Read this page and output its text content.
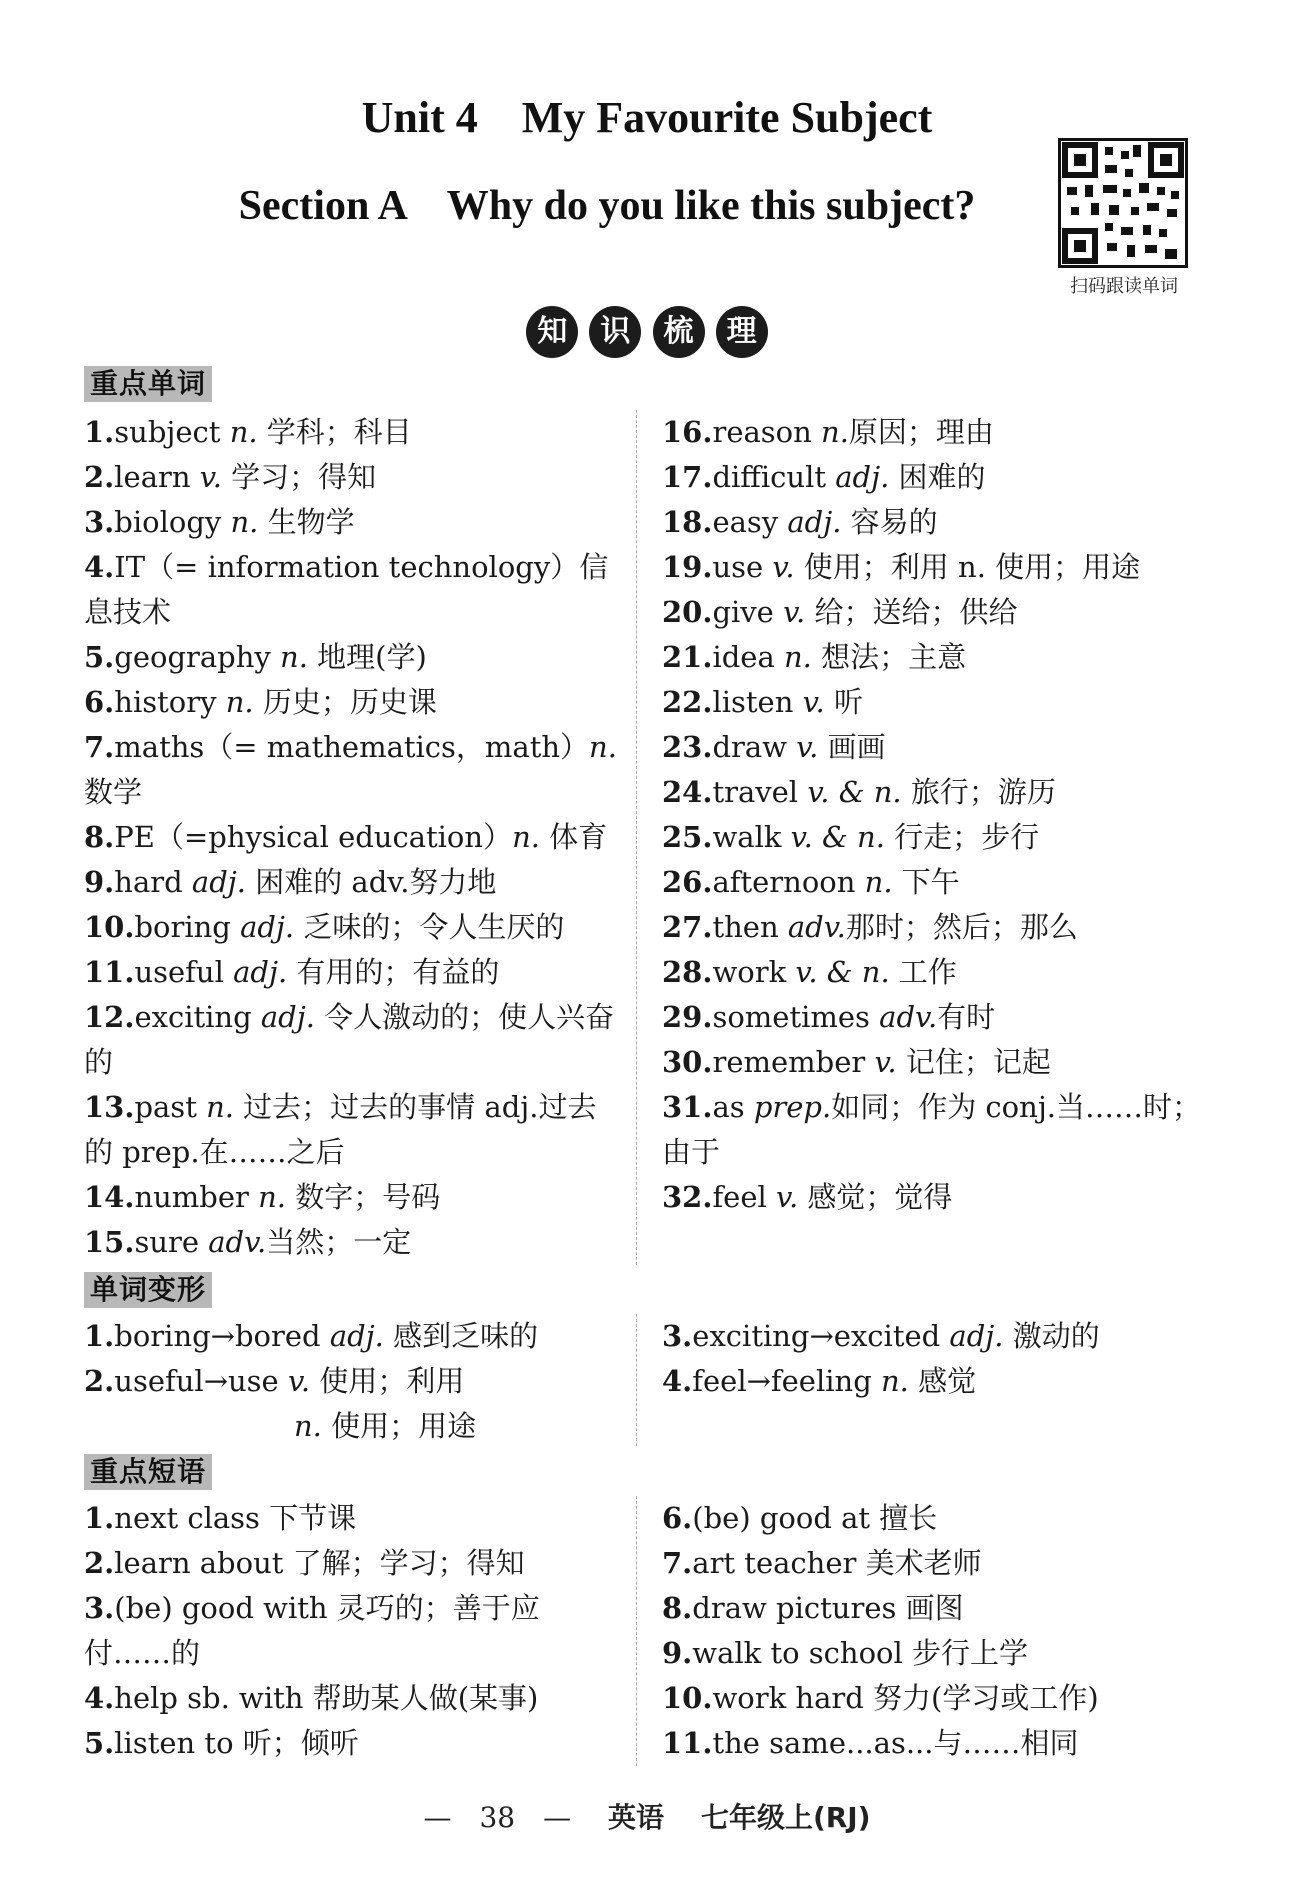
Unit 4    My Favourite Subject
Section A    Why do you like this subject?
扫码跟读单词
知 识 梳 理
重点单词
1.subject n. 学科；科目
2.learn v. 学习；得知
3.biology n. 生物学
4.IT（= information technology）信息技术
5.geography n. 地理(学)
6.history n. 历史；历史课
7.maths（= mathematics，math）n. 数学
8.PE（=physical education）n. 体育
9.hard adj. 困难的 adv.努力地
10.boring adj. 乏味的；令人生厌的
11.useful adj. 有用的；有益的
12.exciting adj. 令人激动的；使人兴奋的
13.past n. 过去；过去的事情 adj.过去的 prep.在……之后
14.number n. 数字；号码
15.sure adv.当然；一定
16.reason n.原因；理由
17.difficult adj. 困难的
18.easy adj. 容易的
19.use v. 使用；利用 n. 使用；用途
20.give v. 给；送给；供给
21.idea n. 想法；主意
22.listen v. 听
23.draw v. 画画
24.travel v. & n. 旅行；游历
25.walk v. & n. 行走；步行
26.afternoon n. 下午
27.then adv.那时；然后；那么
28.work v. & n. 工作
29.sometimes adv.有时
30.remember v. 记住；记起
31.as prep.如同；作为 conj.当……时；由于
32.feel v. 感觉；觉得
单词变形
1.boring→bored adj. 感到乏味的
2.useful→use v. 使用；利用
n. 使用；用途
3.exciting→excited adj. 激动的
4.feel→feeling n. 感觉
重点短语
1.next class 下节课
2.learn about 了解；学习；得知
3.(be) good with 灵巧的；善于应付……的
4.help sb. with 帮助某人做(某事)
5.listen to 听；倾听
6.(be) good at 擅长
7.art teacher 美术老师
8.draw pictures 画图
9.walk to school 步行上学
10.work hard 努力(学习或工作)
11.the same...as...与……相同
— 38 — 英语 七年级上(RJ)
